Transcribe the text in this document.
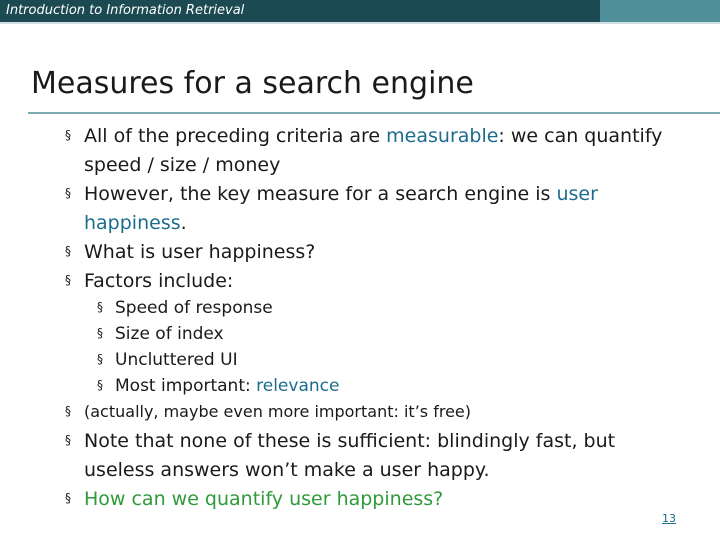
Introduction to Information Retrieval
Measures for a search engine
§ All of the preceding criteria are measurable: we can quantify
speed / size / money
§ However, the key measure for a search engine is user
happiness.
§ What is user happiness?
§ Factors include:
§ Speed of response
§ Size of index
§ Uncluttered UI
§ Most important: relevance
§ (actually, maybe even more important: it’s free)
§ Note that none of these is sufficient: blindingly fast, but
useless answers won’t make a user happy.
§ How can we quantify user happiness?
13
